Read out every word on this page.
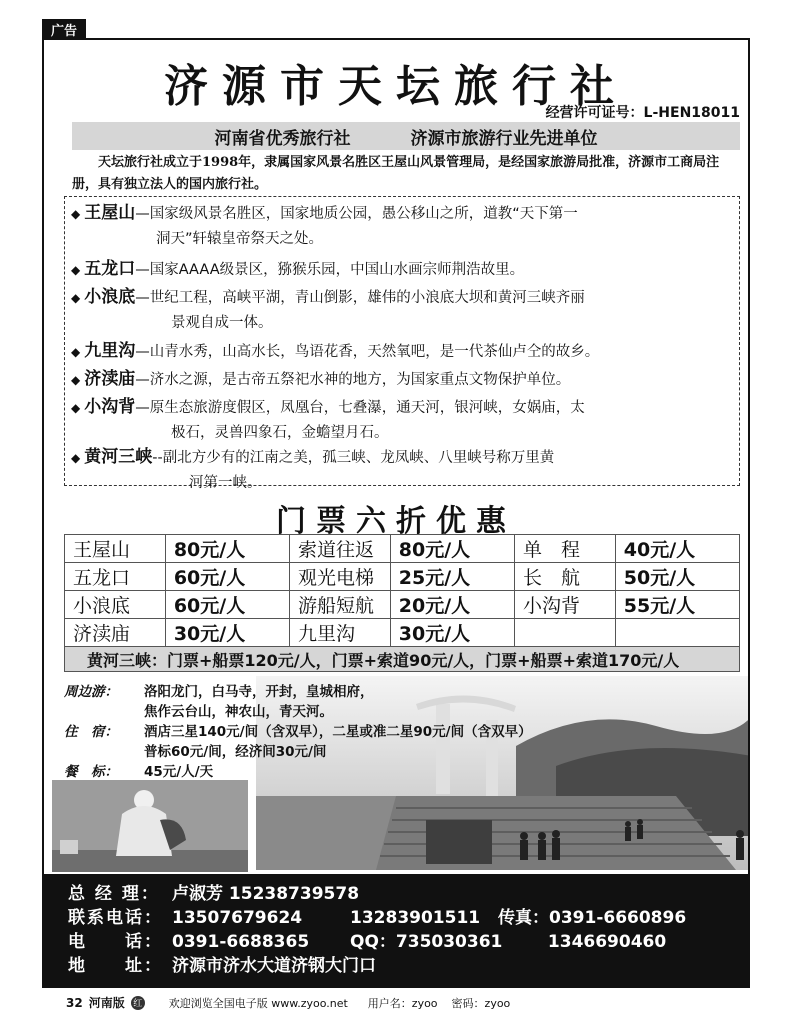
广告
济源市天坛旅行社
经营许可证号：L-HEN18011
河南省优秀旅行社	济源市旅游行业先进单位
天坛旅行社成立于1998年，隶属国家风景名胜区王屋山风景管理局，是经国家旅游局批准，济源市工商局注册，具有独立法人的国内旅行社。
◆ 王屋山—国家级风景名胜区，国家地质公园，愚公移山之所，道教“天下第一
洞天”轩辕皇帝祭天之处。
◆ 五龙口—国家AAAA级景区，猕猴乐园，中国山水画宗师荆浩故里。
◆ 小浪底—世纪工程，高峡平湖，青山倒影，雄伟的小浪底大坝和黄河三峡齐丽
景观自成一体。
◆ 九里沟—山青水秀，山高水长，鸟语花香，天然氧吧，是一代茶仙卢仝的故乡。
◆ 济渎庙—济水之源，是古帝五祭祀水神的地方，为国家重点文物保护单位。
◆ 小沟背—原生态旅游度假区，凤凰台，七叠瀑，通天河，银河峡，女娲庙，太
极石，灵兽四象石，金蟾望月石。
◆ 黄河三峡--副北方少有的江南之美，孤三峡、龙凤峡、八里峡号称万里黄
河第一峡。
门票六折优惠
王屋山	80元/人	索道往返	80元/人	单　程	40元/人
五龙口	60元/人	观光电梯	25元/人	长　航	50元/人
小浪底	60元/人	游船短航	20元/人	小沟背	55元/人
济渎庙	30元/人	九里沟	30元/人		
黄河三峡：门票+船票120元/人，门票+索道90元/人，门票+船票+索道170元/人
周边游： 洛阳龙门，白马寺，开封，皇城相府，
焦作云台山，神农山，青天河。
住　宿： 酒店三星140元/间（含双早），二星或准二星90元/间（含双早）
普标60元/间，经济间30元/间
餐　标： 45元/人/天
总 经 理： 卢淑芳 15238739578
联系电话： 13507679624	13283901511 传真：0391-6660896
电　　话： 0391-6688365 QQ：735030361	1346690460
地　　址： 济源市济水大道济钢大门口
32 河南版 红 欢迎浏览全国电子版 www.zyoo.net 用户名：zyoo 密码：zyoo
